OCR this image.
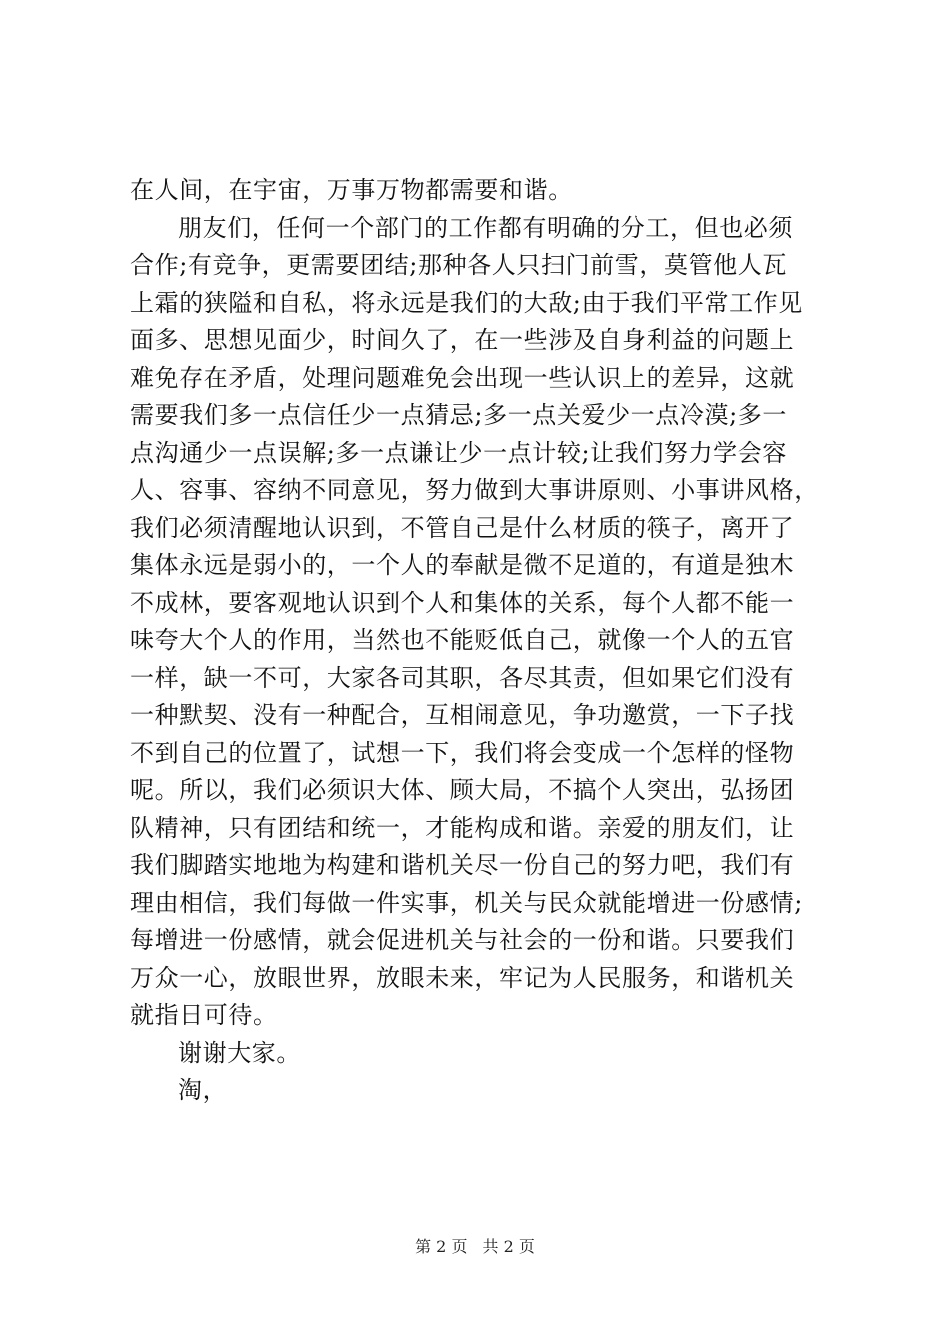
在人间，在宇宙，万事万物都需要和谐。
朋友们，任何一个部门的工作都有明确的分工，但也必须
合作;有竞争，更需要团结;那种各人只扫门前雪，莫管他人瓦
上霜的狭隘和自私，将永远是我们的大敌;由于我们平常工作见
面多、思想见面少，时间久了，在一些涉及自身利益的问题上
难免存在矛盾，处理问题难免会出现一些认识上的差异，这就
需要我们多一点信任少一点猜忌;多一点关爱少一点冷漠;多一
点沟通少一点误解;多一点谦让少一点计较;让我们努力学会容
人、容事、容纳不同意见，努力做到大事讲原则、小事讲风格，
我们必须清醒地认识到，不管自己是什么材质的筷子，离开了
集体永远是弱小的，一个人的奉献是微不足道的，有道是独木
不成林，要客观地认识到个人和集体的关系，每个人都不能一
味夸大个人的作用，当然也不能贬低自己，就像一个人的五官
一样，缺一不可，大家各司其职，各尽其责，但如果它们没有
一种默契、没有一种配合，互相闹意见，争功邀赏，一下子找
不到自己的位置了，试想一下，我们将会变成一个怎样的怪物
呢。所以，我们必须识大体、顾大局，不搞个人突出，弘扬团
队精神，只有团结和统一，才能构成和谐。亲爱的朋友们，让
我们脚踏实地地为构建和谐机关尽一份自己的努力吧，我们有
理由相信，我们每做一件实事，机关与民众就能增进一份感情;
每增进一份感情，就会促进机关与社会的一份和谐。只要我们
万众一心，放眼世界，放眼未来，牢记为人民服务，和谐机关
就指日可待。
谢谢大家。
淘，
第 2 页 共 2 页
